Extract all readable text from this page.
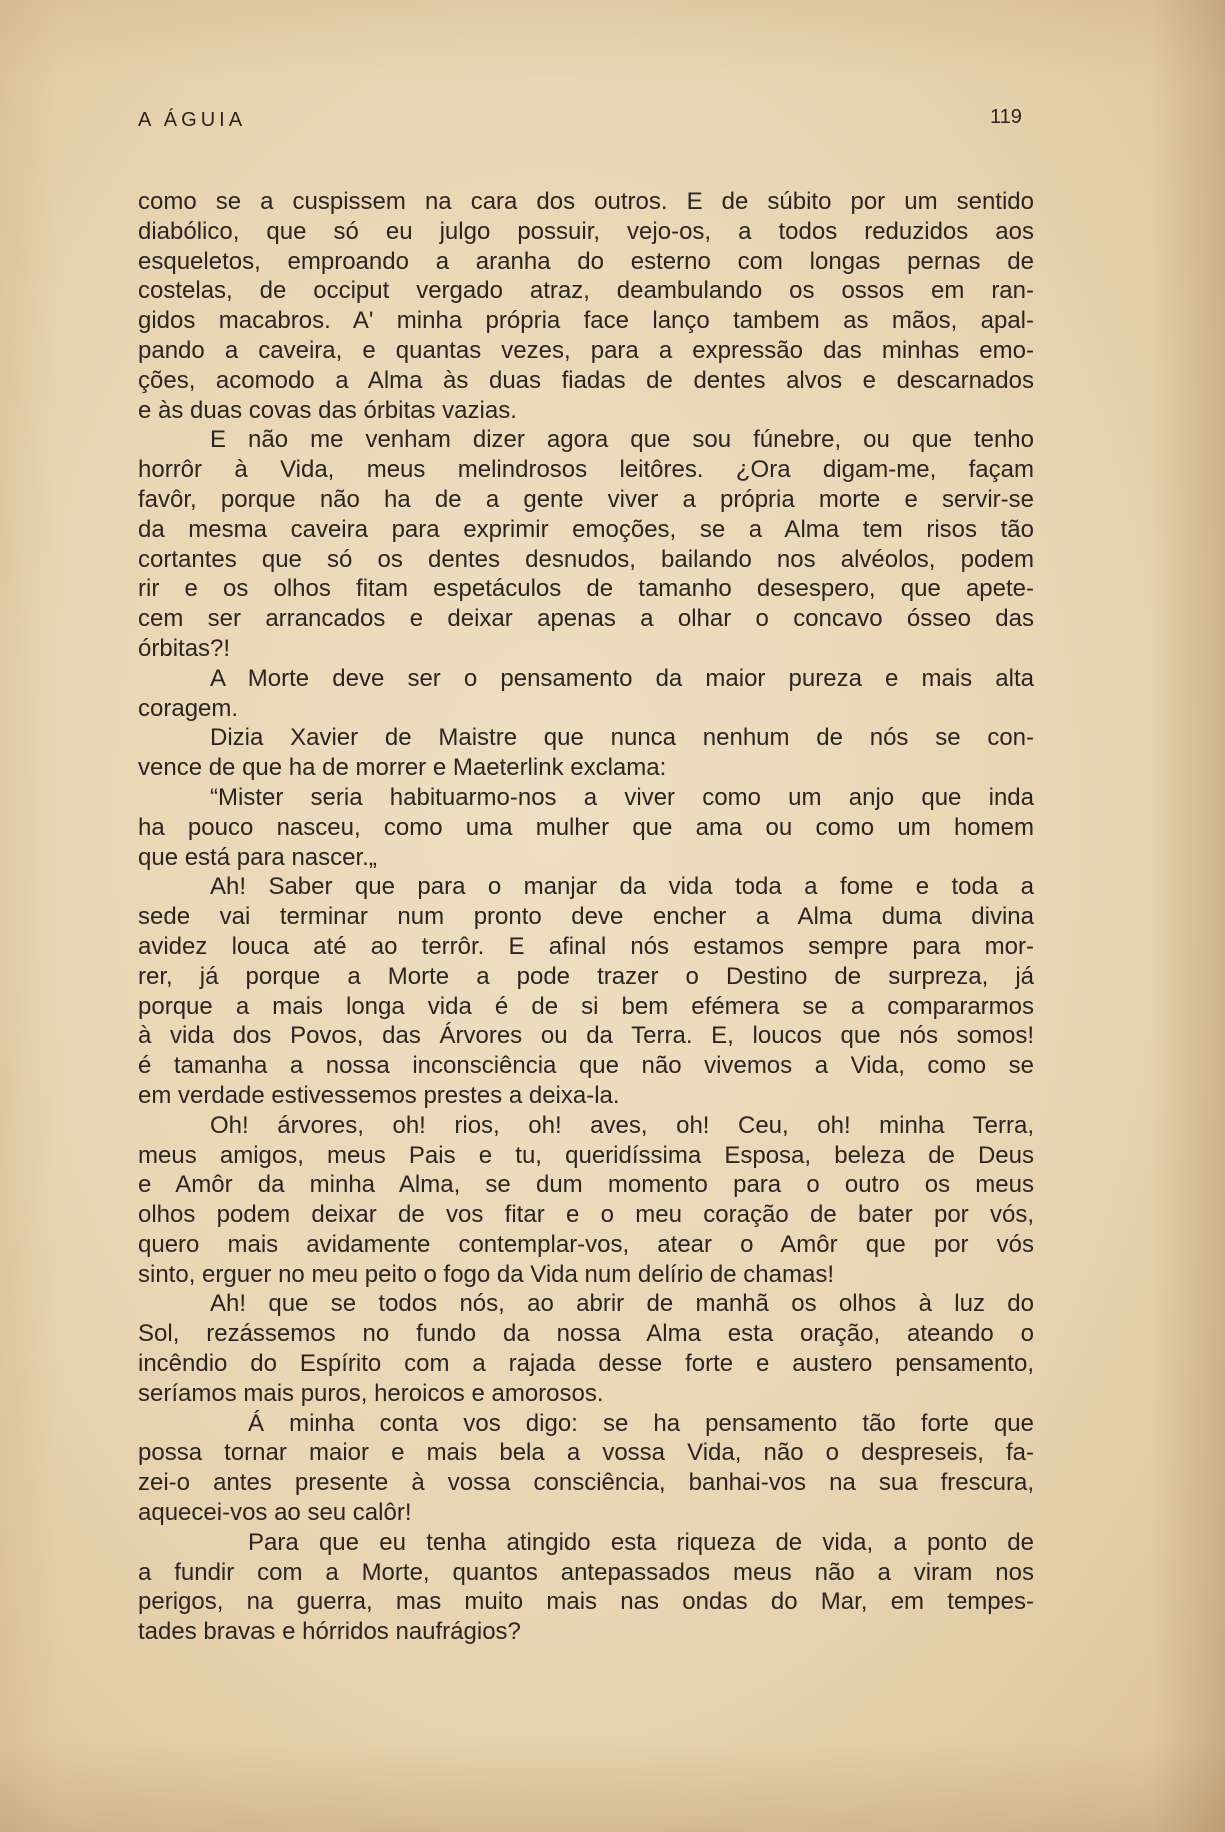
A ÁGUIA	119
como se a cuspissem na cara dos outros. E de súbito por um sentido
diabólico, que só eu julgo possuir, vejo-os, a todos reduzidos aos
esqueletos, emproando a aranha do esterno com longas pernas de
costelas, de occiput vergado atraz, deambulando os ossos em ran-
gidos macabros. A' minha própria face lanço tambem as mãos, apal-
pando a caveira, e quantas vezes, para a expressão das minhas emo-
ções, acomodo a Alma às duas fiadas de dentes alvos e descarnados
e às duas covas das órbitas vazias.
E não me venham dizer agora que sou fúnebre, ou que tenho
horrôr à Vida, meus melindrosos leitôres. ¿Ora digam-me, façam
favôr, porque não ha de a gente viver a própria morte e servir-se
da mesma caveira para exprimir emoções, se a Alma tem risos tão
cortantes que só os dentes desnudos, bailando nos alvéolos, podem
rir e os olhos fitam espetáculos de tamanho desespero, que apete-
cem ser arrancados e deixar apenas a olhar o concavo ósseo das
órbitas?!
A Morte deve ser o pensamento da maior pureza e mais alta
coragem.
Dizia Xavier de Maistre que nunca nenhum de nós se con-
vence de que ha de morrer e Maeterlink exclama:
“Mister seria habituarmo-nos a viver como um anjo que inda
ha pouco nasceu, como uma mulher que ama ou como um homem
que está para nascer.„
Ah! Saber que para o manjar da vida toda a fome e toda a
sede vai terminar num pronto deve encher a Alma duma divina
avidez louca até ao terrôr. E afinal nós estamos sempre para mor-
rer, já porque a Morte a pode trazer o Destino de surpreza, já
porque a mais longa vida é de si bem efémera se a compararmos
à vida dos Povos, das Árvores ou da Terra. E, loucos que nós somos!
é tamanha a nossa inconsciência que não vivemos a Vida, como se
em verdade estivessemos prestes a deixa-la.
Oh! árvores, oh! rios, oh! aves, oh! Ceu, oh! minha Terra,
meus amigos, meus Pais e tu, queridíssima Esposa, beleza de Deus
e Amôr da minha Alma, se dum momento para o outro os meus
olhos podem deixar de vos fitar e o meu coração de bater por vós,
quero mais avidamente contemplar-vos, atear o Amôr que por vós
sinto, erguer no meu peito o fogo da Vida num delírio de chamas!
Ah! que se todos nós, ao abrir de manhã os olhos à luz do
Sol, rezássemos no fundo da nossa Alma esta oração, ateando o
incêndio do Espírito com a rajada desse forte e austero pensamento,
seríamos mais puros, heroicos e amorosos.
Á minha conta vos digo: se ha pensamento tão forte que
possa tornar maior e mais bela a vossa Vida, não o despreseis, fa-
zei-o antes presente à vossa consciência, banhai-vos na sua frescura,
aquecei-vos ao seu calôr!
Para que eu tenha atingido esta riqueza de vida, a ponto de
a fundir com a Morte, quantos antepassados meus não a viram nos
perigos, na guerra, mas muito mais nas ondas do Mar, em tempes-
tades bravas e hórridos naufrágios?
